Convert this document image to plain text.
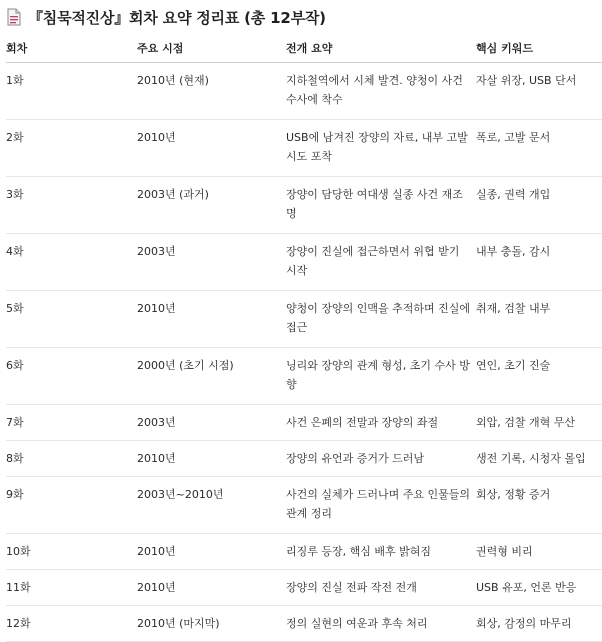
『침묵적진상』회차 요약 정리표 (총 12부작)
회차	주요 시점	전개 요약	핵심 키워드
1화	2010년 (현재)	지하철역에서 시체 발견. 양청이 사건 수사에 착수	자살 위장, USB 단서
2화	2010년	USB에 남겨진 장양의 자료, 내부 고발 시도 포착	폭로, 고발 문서
3화	2003년 (과거)	장양이 담당한 여대생 실종 사건 재조명	실종, 권력 개입
4화	2003년	장양이 진실에 접근하면서 위협 받기 시작	내부 충돌, 감시
5화	2010년	양청이 장양의 인맥을 추적하며 진실에 접근	취재, 검찰 내부
6화	2000년 (초기 시점)	닝리와 장양의 관계 형성, 초기 수사 방향	연인, 초기 진술
7화	2003년	사건 은폐의 전말과 장양의 좌절	외압, 검찰 개혁 무산
8화	2010년	장양의 유언과 증거가 드러남	생전 기록, 시청자 몰입
9화	2003년~2010년	사건의 실체가 드러나며 주요 인물들의 관계 정리	회상, 정황 증거
10화	2010년	리징루 등장, 핵심 배후 밝혀짐	권력형 비리
11화	2010년	장양의 진실 전파 작전 전개	USB 유포, 언론 반응
12화	2010년 (마지막)	정의 실현의 여운과 후속 처리	회상, 감정의 마무리
